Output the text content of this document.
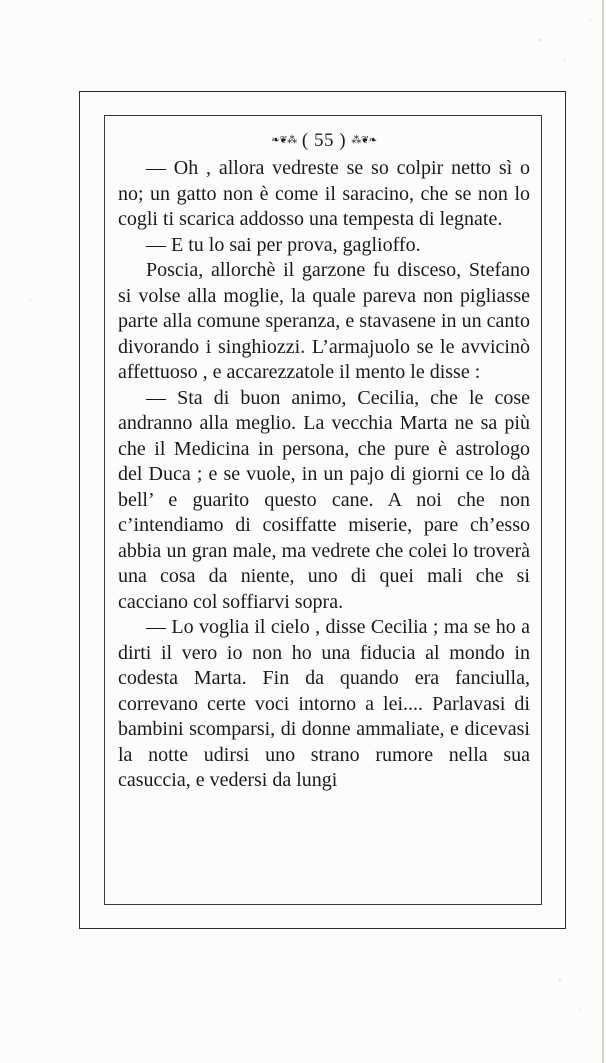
❧❦⁂ ( 55 ) ⁂❦❧

— Oh , allora vedreste se so colpir netto sì o no; un gatto non è come il saracino, che se non lo cogli ti scarica addosso una tempesta di legnate.

— E tu lo sai per prova, gaglioffo.

Poscia, allorchè il garzone fu disceso, Stefano si volse alla moglie, la quale pareva non pigliasse parte alla comune speranza, e stavasene in un canto divorando i singhiozzi. L’armajuolo se le avvicinò affettuoso , e accarezzatole il mento le disse :

— Sta di buon animo, Cecilia, che le cose andranno alla meglio. La vecchia Marta ne sa più che il Medicina in persona, che pure è astrologo del Duca ; e se vuole, in un pajo di giorni ce lo dà bell’ e guarito questo cane. A noi che non c’intendiamo di cosiffatte miserie, pare ch’esso abbia un gran male, ma vedrete che colei lo troverà una cosa da niente, uno di quei mali che si cacciano col soffiarvi sopra.

— Lo voglia il cielo , disse Cecilia ; ma se ho a dirti il vero io non ho una fiducia al mondo in codesta Marta. Fin da quando era fanciulla, correvano certe voci intorno a lei.... Parlavasi di bambini scomparsi, di donne ammaliate, e dicevasi la notte udirsi uno strano rumore nella sua casuccia, e vedersi da lungi
